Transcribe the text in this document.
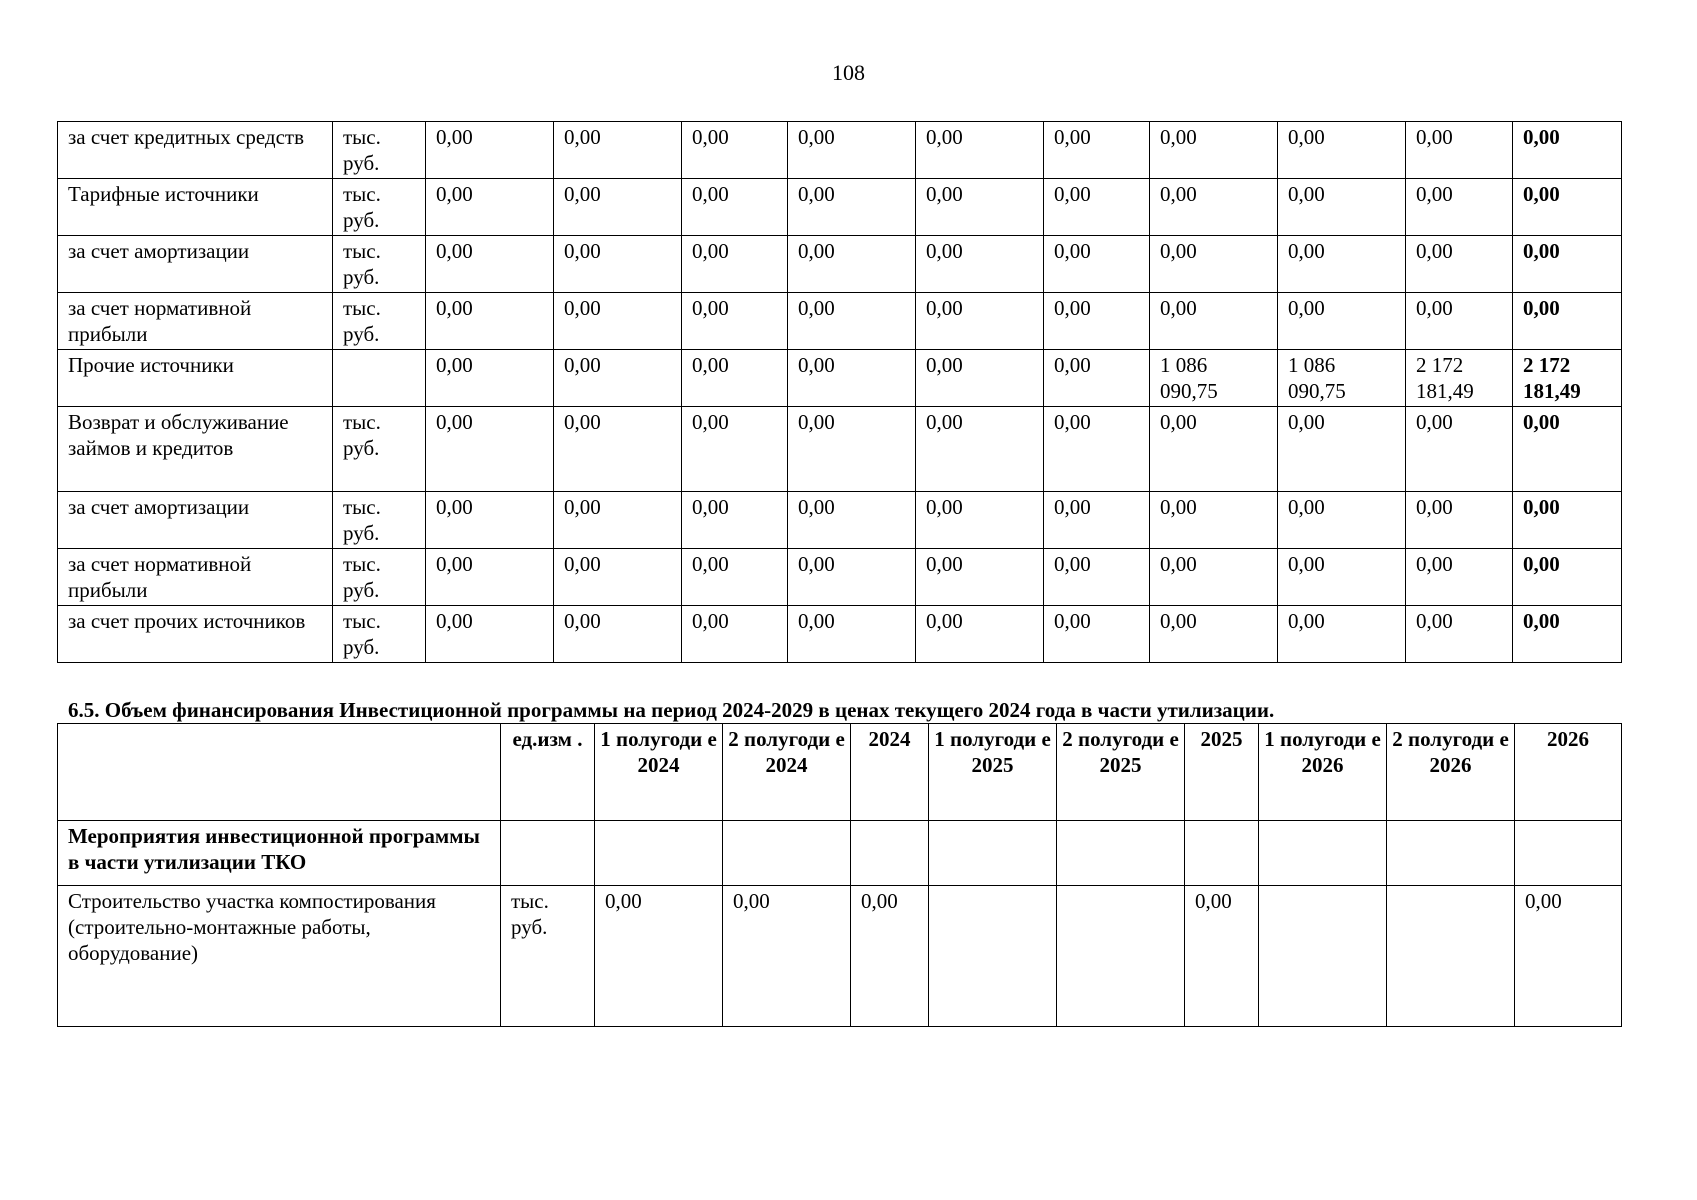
108
за счет кредитных средств	тыс. руб.	0,00	0,00	0,00	0,00	0,00	0,00	0,00	0,00	0,00	0,00
Тарифные источники	тыс. руб.	0,00	0,00	0,00	0,00	0,00	0,00	0,00	0,00	0,00	0,00
за счет амортизации	тыс. руб.	0,00	0,00	0,00	0,00	0,00	0,00	0,00	0,00	0,00	0,00
за счет нормативной прибыли	тыс. руб.	0,00	0,00	0,00	0,00	0,00	0,00	0,00	0,00	0,00	0,00
Прочие источники		0,00	0,00	0,00	0,00	0,00	0,00	1 086 090,75	1 086 090,75	2 172 181,49	2 172 181,49
Возврат и обслуживание займов и кредитов	тыс. руб.	0,00	0,00	0,00	0,00	0,00	0,00	0,00	0,00	0,00	0,00
за счет амортизации	тыс. руб.	0,00	0,00	0,00	0,00	0,00	0,00	0,00	0,00	0,00	0,00
за счет нормативной прибыли	тыс. руб.	0,00	0,00	0,00	0,00	0,00	0,00	0,00	0,00	0,00	0,00
за счет прочих источников	тыс. руб.	0,00	0,00	0,00	0,00	0,00	0,00	0,00	0,00	0,00	0,00
6.5. Объем финансирования Инвестиционной программы на период 2024-2029 в ценах текущего 2024 года в части утилизации.
	ед.изм .	1 полугоди е 2024	2 полугоди е 2024	2024	1 полугоди е 2025	2 полугоди е 2025	2025	1 полугоди е 2026	2 полугоди е 2026	2026
Мероприятия инвестиционной программы в части утилизации ТКО										
Строительство участка компостирования (строительно-монтажные работы, оборудование)	тыс. руб.	0,00	0,00	0,00			0,00			0,00
